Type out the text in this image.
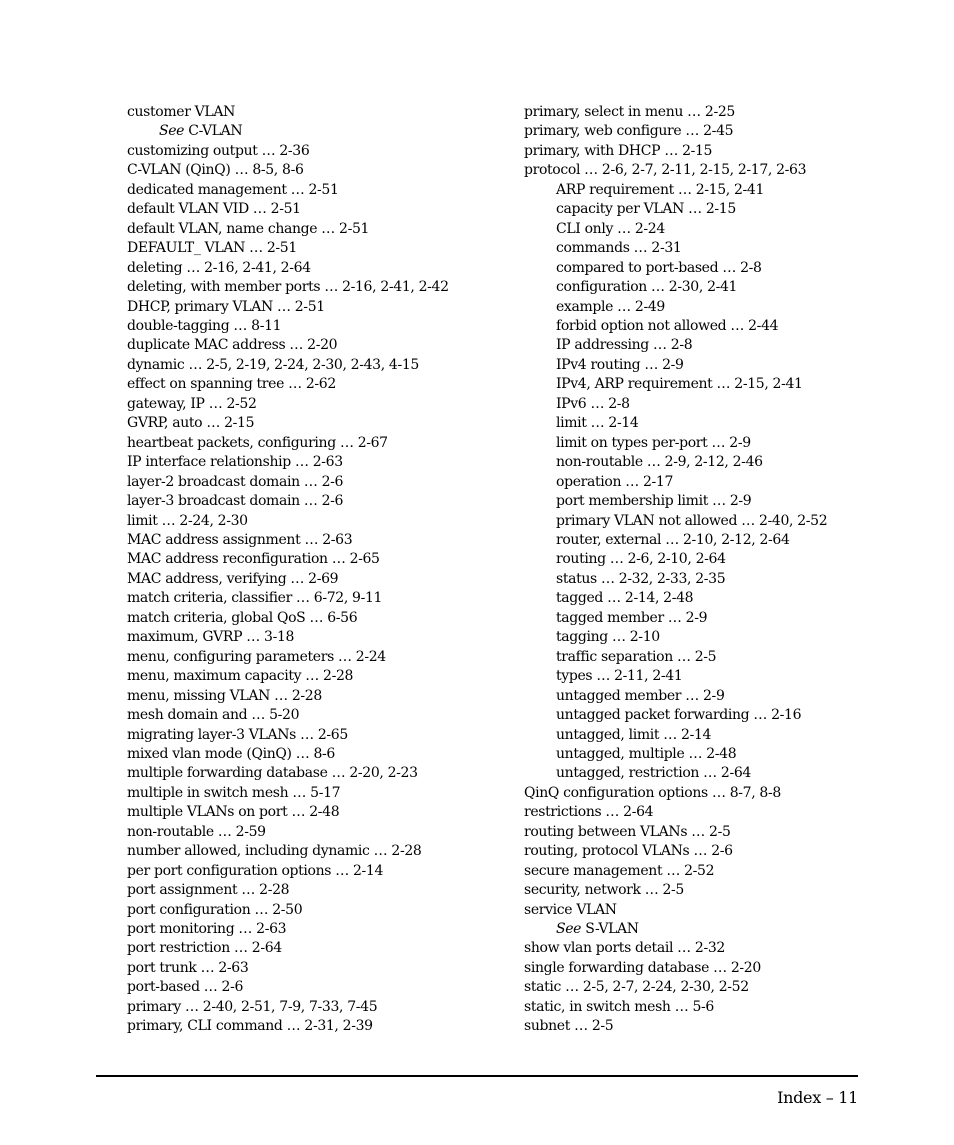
customer VLAN
See C-VLAN
customizing output … 2-36
C-VLAN (QinQ) … 8-5, 8-6
dedicated management … 2-51
default VLAN VID … 2-51
default VLAN, name change … 2-51
DEFAULT_ VLAN … 2-51
deleting … 2-16, 2-41, 2-64
deleting, with member ports … 2-16, 2-41, 2-42
DHCP, primary VLAN … 2-51
double-tagging … 8-11
duplicate MAC address … 2-20
dynamic … 2-5, 2-19, 2-24, 2-30, 2-43, 4-15
effect on spanning tree … 2-62
gateway, IP … 2-52
GVRP, auto … 2-15
heartbeat packets, configuring … 2-67
IP interface relationship … 2-63
layer-2 broadcast domain … 2-6
layer-3 broadcast domain … 2-6
limit … 2-24, 2-30
MAC address assignment … 2-63
MAC address reconfiguration … 2-65
MAC address, verifying … 2-69
match criteria, classifier … 6-72, 9-11
match criteria, global QoS … 6-56
maximum, GVRP … 3-18
menu, configuring parameters … 2-24
menu, maximum capacity … 2-28
menu, missing VLAN … 2-28
mesh domain and … 5-20
migrating layer-3 VLANs … 2-65
mixed vlan mode (QinQ) … 8-6
multiple forwarding database … 2-20, 2-23
multiple in switch mesh … 5-17
multiple VLANs on port … 2-48
non-routable … 2-59
number allowed, including dynamic … 2-28
per port configuration options … 2-14
port assignment … 2-28
port configuration … 2-50
port monitoring … 2-63
port restriction … 2-64
port trunk … 2-63
port-based … 2-6
primary … 2-40, 2-51, 7-9, 7-33, 7-45
primary, CLI command … 2-31, 2-39
primary, select in menu … 2-25
primary, web configure … 2-45
primary, with DHCP … 2-15
protocol … 2-6, 2-7, 2-11, 2-15, 2-17, 2-63
ARP requirement … 2-15, 2-41
capacity per VLAN … 2-15
CLI only … 2-24
commands … 2-31
compared to port-based … 2-8
configuration … 2-30, 2-41
example … 2-49
forbid option not allowed … 2-44
IP addressing … 2-8
IPv4 routing … 2-9
IPv4, ARP requirement … 2-15, 2-41
IPv6 … 2-8
limit … 2-14
limit on types per-port … 2-9
non-routable … 2-9, 2-12, 2-46
operation … 2-17
port membership limit … 2-9
primary VLAN not allowed … 2-40, 2-52
router, external … 2-10, 2-12, 2-64
routing … 2-6, 2-10, 2-64
status … 2-32, 2-33, 2-35
tagged … 2-14, 2-48
tagged member … 2-9
tagging … 2-10
traffic separation … 2-5
types … 2-11, 2-41
untagged member … 2-9
untagged packet forwarding … 2-16
untagged, limit … 2-14
untagged, multiple … 2-48
untagged, restriction … 2-64
QinQ configuration options … 8-7, 8-8
restrictions … 2-64
routing between VLANs … 2-5
routing, protocol VLANs … 2-6
secure management … 2-52
security, network … 2-5
service VLAN
See S-VLAN
show vlan ports detail … 2-32
single forwarding database … 2-20
static … 2-5, 2-7, 2-24, 2-30, 2-52
static, in switch mesh … 5-6
subnet … 2-5
Index – 11
